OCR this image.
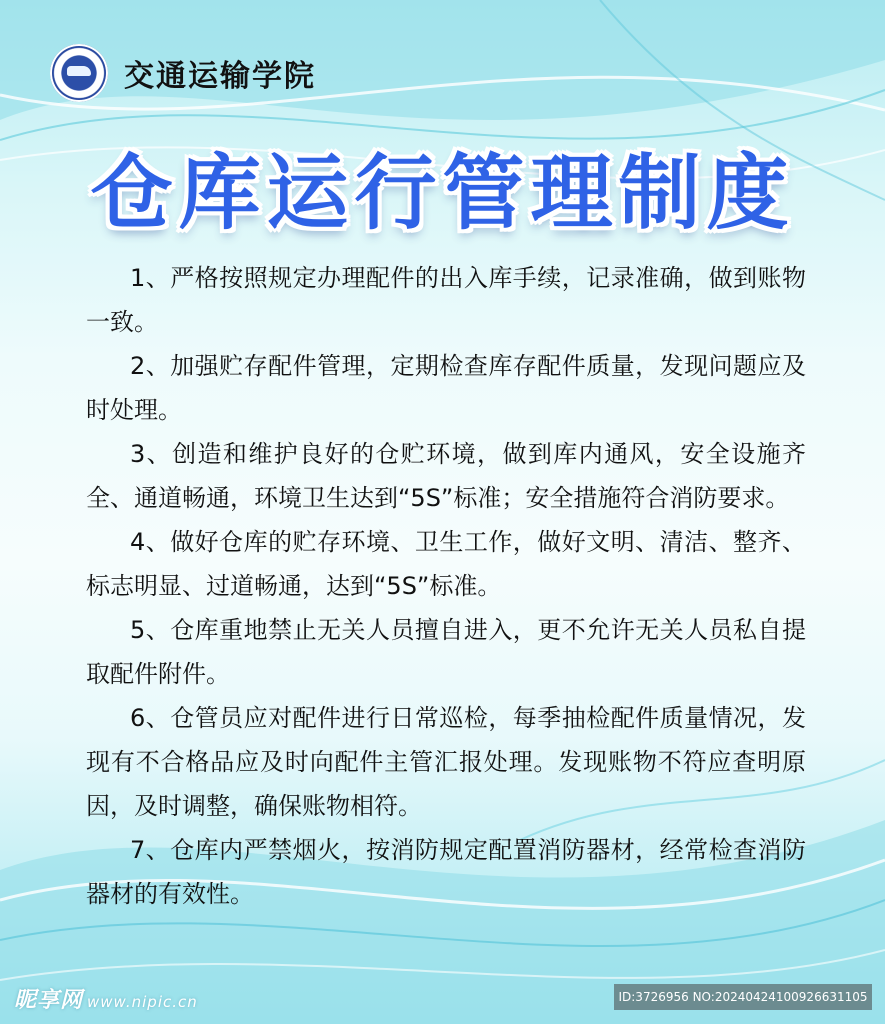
交通运输学院
仓库运行管理制度

1、严格按照规定办理配件的出入库手续，记录准确，做到账物一致。

2、加强贮存配件管理，定期检查库存配件质量，发现问题应及时处理。

3、创造和维护良好的仓贮环境，做到库内通风，安全设施齐全、通道畅通，环境卫生达到“5S”标准；安全措施符合消防要求。

4、做好仓库的贮存环境、卫生工作，做好文明、清洁、整齐、标志明显、过道畅通，达到“5S”标准。

5、仓库重地禁止无关人员擅自进入，更不允许无关人员私自提取配件附件。

6、仓管员应对配件进行日常巡检，每季抽检配件质量情况，发现有不合格品应及时向配件主管汇报处理。发现账物不符应查明原因，及时调整，确保账物相符。

7、仓库内严禁烟火，按消防规定配置消防器材，经常检查消防器材的有效性。

昵享网 www.nipic.cn	ID:3726956 NO:20240424100926631105
